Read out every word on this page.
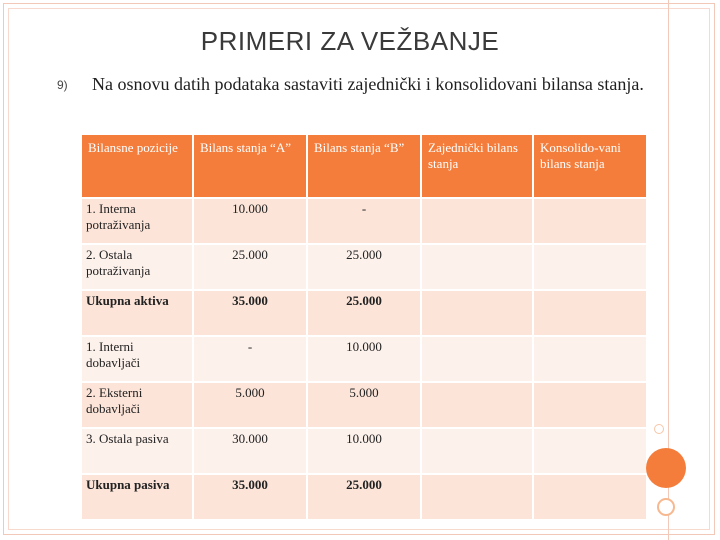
PRIMERI ZA VEŽBANJE
9) Na osnovu datih podataka sastaviti zajednički i konsolidovani bilansa stanja.
Bilansne pozicije	Bilans stanja “A”	Bilans stanja “B”	Zajednički bilans stanja	Konsolido-vani bilans stanja
1. Interna potraživanja	10.000	-		
2. Ostala potraživanja	25.000	25.000		
Ukupna aktiva	35.000	25.000		
1. Interni dobavljači	-	10.000		
2. Eksterni dobavljači	5.000	5.000		
3. Ostala pasiva	30.000	10.000		
Ukupna pasiva	35.000	25.000		
